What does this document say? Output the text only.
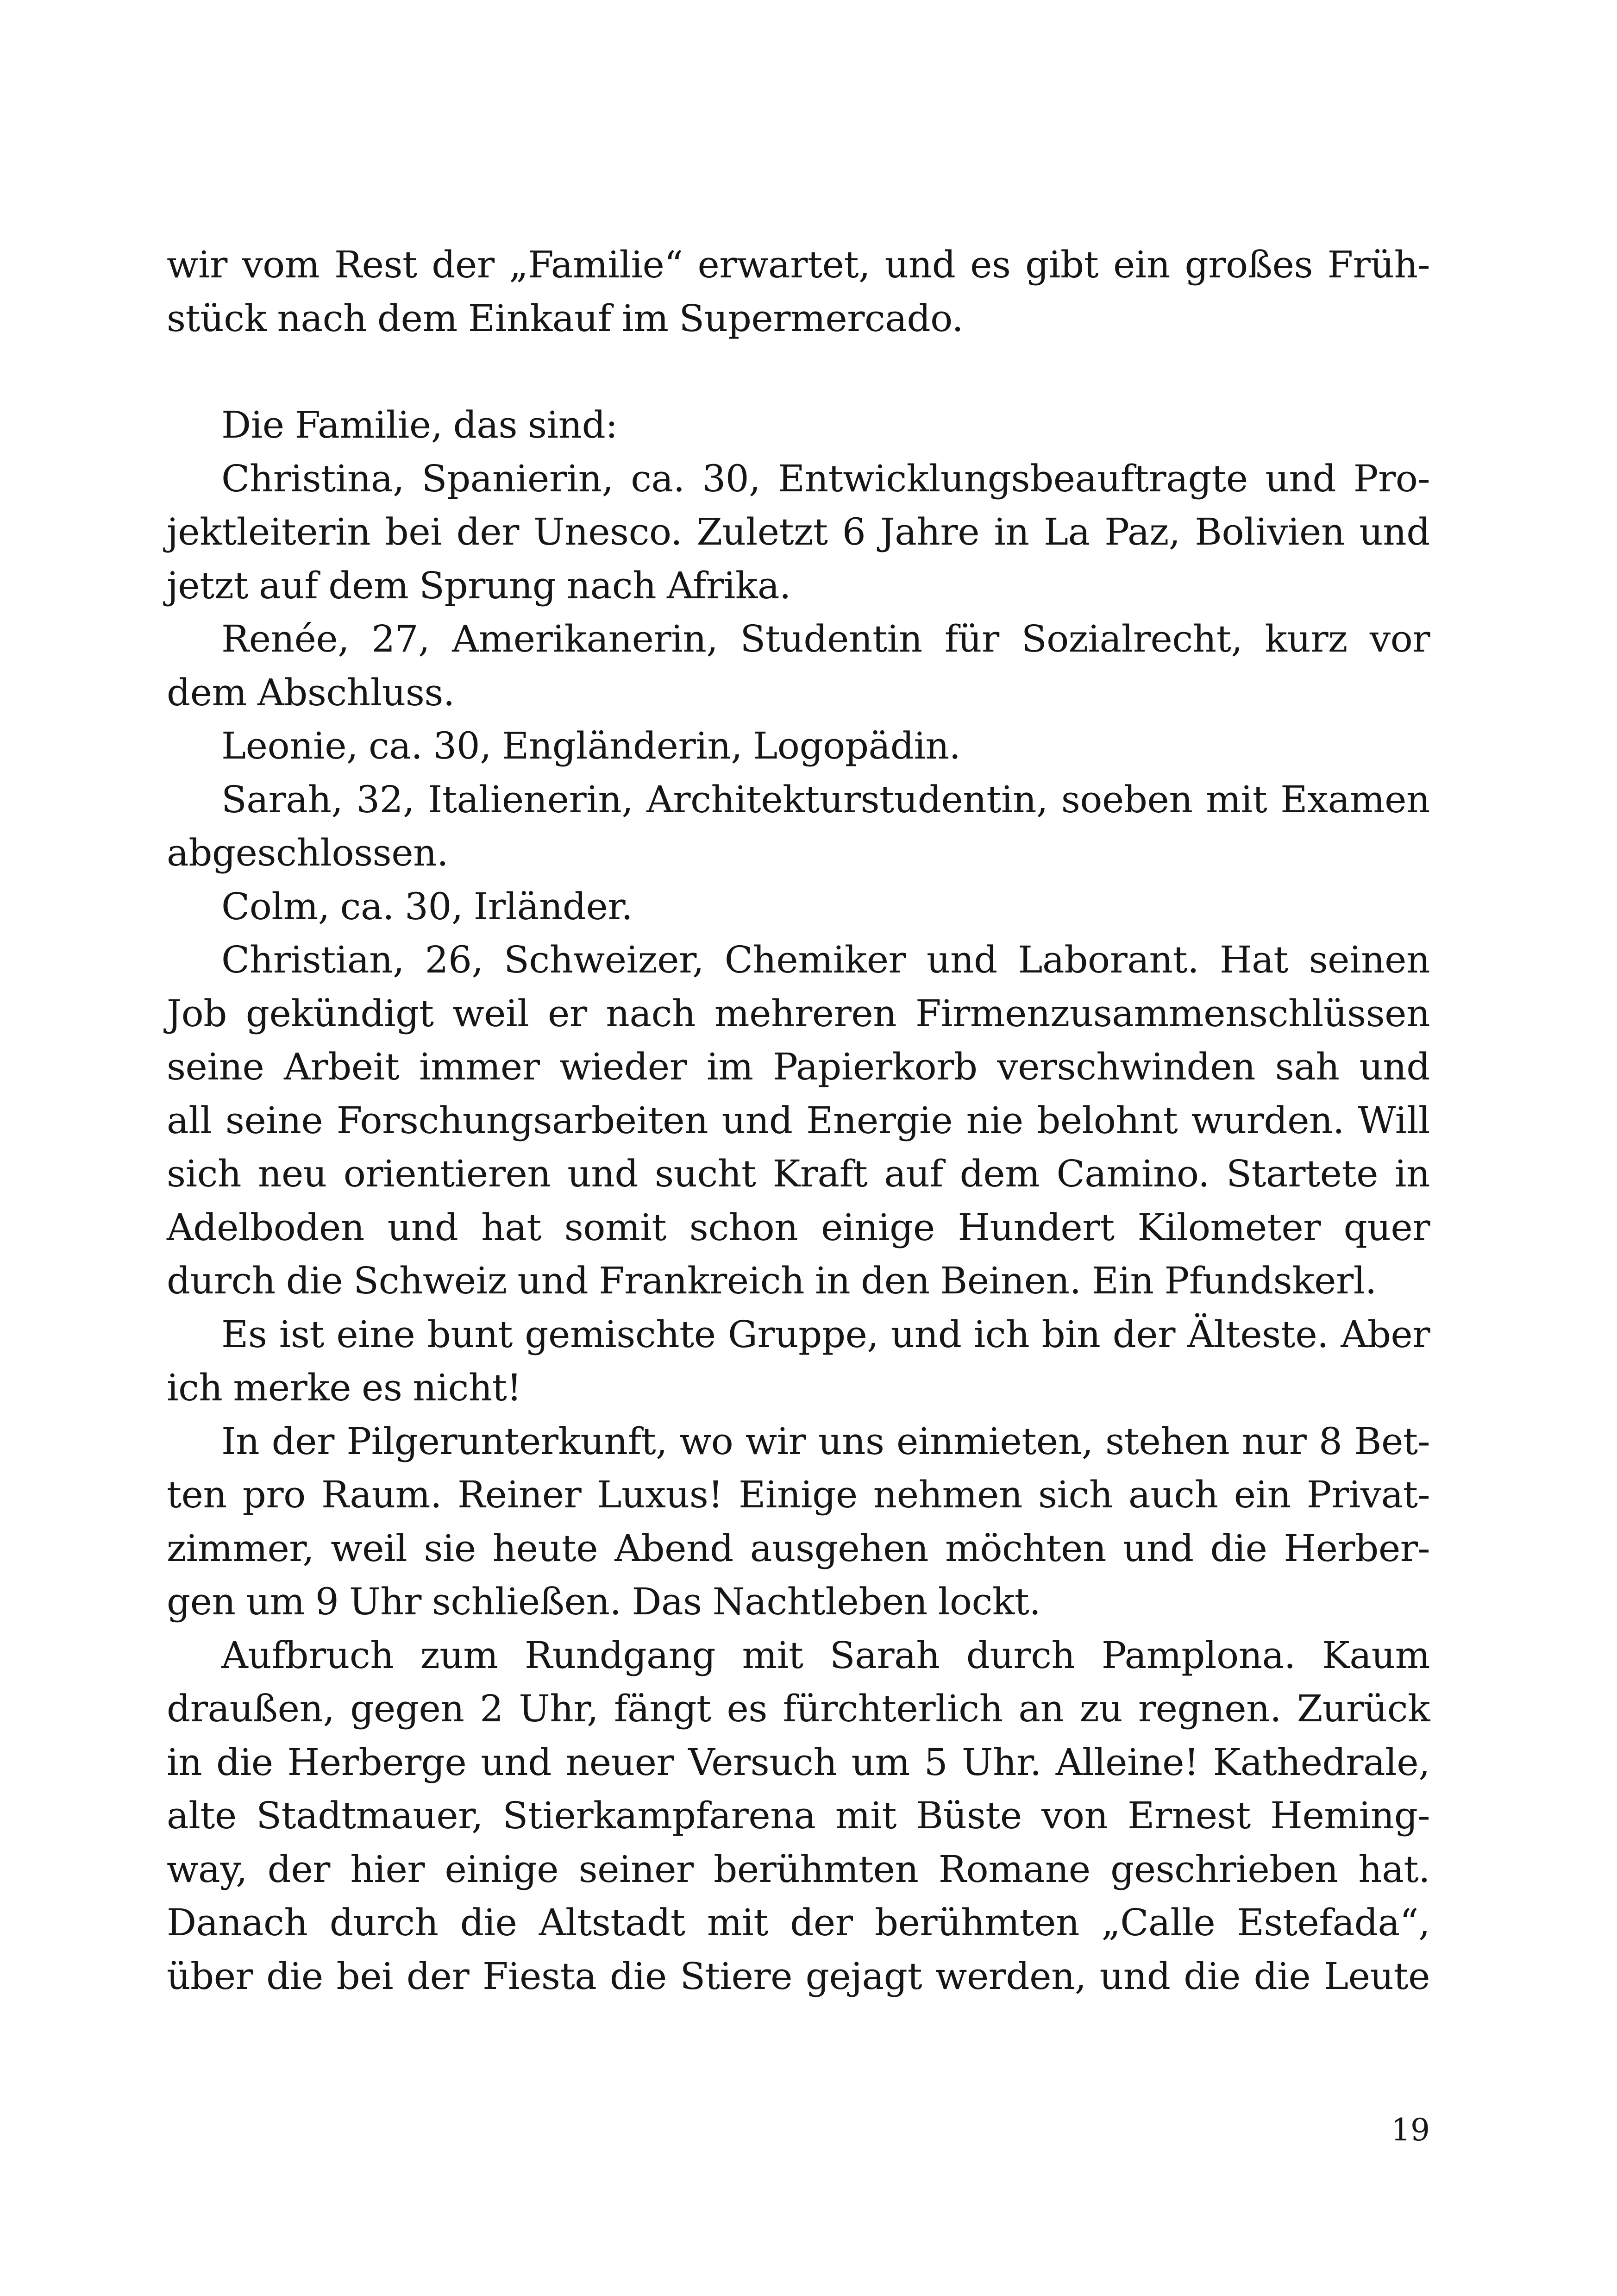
wir vom Rest der „Familie“ erwartet, und es gibt ein großes Früh-
stück nach dem Einkauf im Supermercado.
Die Familie, das sind:
Christina, Spanierin, ca. 30, Entwicklungsbeauftragte und Pro-
jektleiterin bei der Unesco. Zuletzt 6 Jahre in La Paz, Bolivien und
jetzt auf dem Sprung nach Afrika.
Renée, 27, Amerikanerin, Studentin für Sozialrecht, kurz vor
dem Abschluss.
Leonie, ca. 30, Engländerin, Logopädin.
Sarah, 32, Italienerin, Architekturstudentin, soeben mit Examen
abgeschlossen.
Colm, ca. 30, Irländer.
Christian, 26, Schweizer, Chemiker und Laborant. Hat seinen
Job gekündigt weil er nach mehreren Firmenzusammenschlüssen
seine Arbeit immer wieder im Papierkorb verschwinden sah und
all seine Forschungsarbeiten und Energie nie belohnt wurden. Will
sich neu orientieren und sucht Kraft auf dem Camino. Startete in
Adelboden und hat somit schon einige Hundert Kilometer quer
durch die Schweiz und Frankreich in den Beinen. Ein Pfundskerl.
Es ist eine bunt gemischte Gruppe, und ich bin der Älteste. Aber
ich merke es nicht!
In der Pilgerunterkunft, wo wir uns einmieten, stehen nur 8 Bet-
ten pro Raum. Reiner Luxus! Einige nehmen sich auch ein Privat-
zimmer, weil sie heute Abend ausgehen möchten und die Herber-
gen um 9 Uhr schließen. Das Nachtleben lockt.
Aufbruch zum Rundgang mit Sarah durch Pamplona. Kaum
draußen, gegen 2 Uhr, fängt es fürchterlich an zu regnen. Zurück
in die Herberge und neuer Versuch um 5 Uhr. Alleine! Kathedrale,
alte Stadtmauer, Stierkampfarena mit Büste von Ernest Heming-
way, der hier einige seiner berühmten Romane geschrieben hat.
Danach durch die Altstadt mit der berühmten „Calle Estefada“,
über die bei der Fiesta die Stiere gejagt werden, und die die Leute
19
